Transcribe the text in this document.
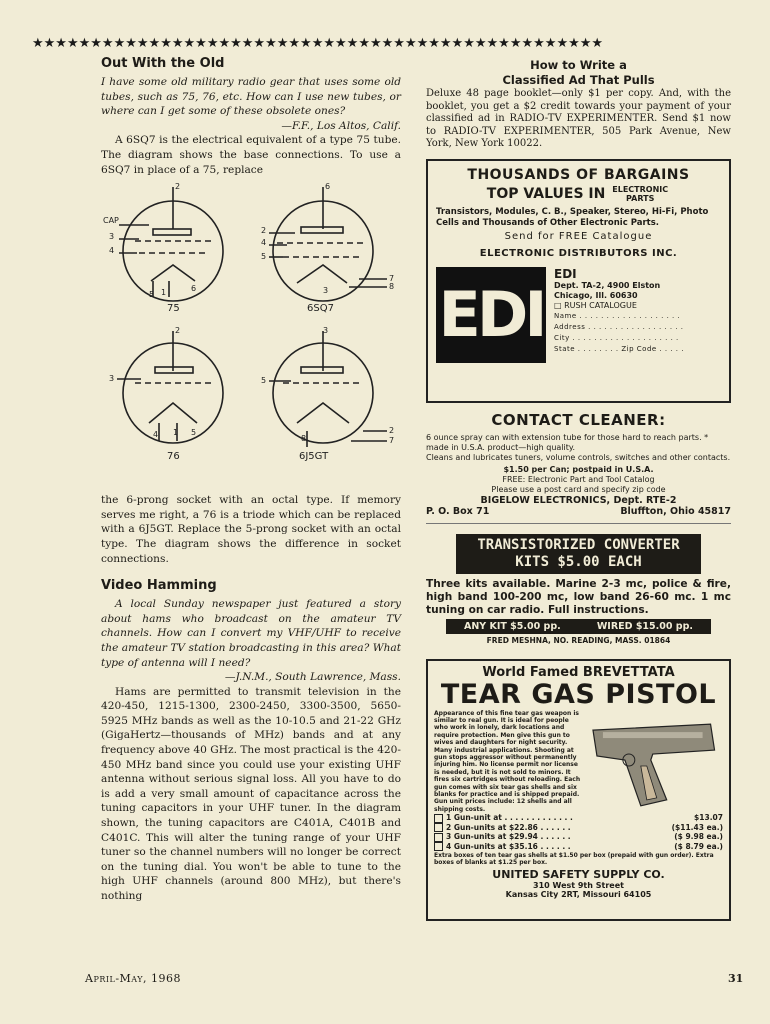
★★★★★★★★★★★★★★★★★★★★★★★★★★★★★★★★★★★★★★★★★★★★★★★★★
Out With the Old

I have some old military radio gear that uses some old tubes, such as 75, 76, etc. How can I use new tubes, or where can I get some of these obsolete ones?

—F.F., Los Altos, Calif.

A 6SQ7 is the electrical equivalent of a type 75 tube. The diagram shows the base connections. To use a 6SQ7 in place of a 75, replace

2	6
CAP
3
4
2
4
5
7
8
5 1	6	3
3
2
3	5
4 1 5
8
2
7
75	6SQ7
76	6J5GT

the 6-prong socket with an octal type. If memory serves me right, a 76 is a triode which can be replaced with a 6J5GT. Replace the 5-prong socket with an octal type. The diagram shows the difference in socket connections.

Video Hamming

A local Sunday newspaper just featured a story about hams who broadcast on the amateur TV channels. How can I convert my VHF/UHF to receive the amateur TV station broadcasting in this area? What type of antenna will I need?

—J.N.M., South Lawrence, Mass.

Hams are permitted to transmit television in the 420-450, 1215-1300, 2300-2450, 3300-3500, 5650-5925 MHz bands as well as the 10-10.5 and 21-22 GHz (GigaHertz—thousands of MHz) bands and at any frequency above 40 GHz. The most practical is the 420-450 MHz band since you could use your existing UHF antenna without serious signal loss. All you have to do is add a very small amount of capacitance across the tuning capacitors in your UHF tuner. In the diagram shown, the tuning capacitors are C401A, C401B and C401C. This will alter the tuning range of your UHF tuner so the channel numbers will no longer be correct on the tuning dial. You won't be able to tune to the high UHF channels (around 800 MHz), but there's nothing

How to Write a
Classified Ad That Pulls

Deluxe 48 page booklet—only $1 per copy. And, with the booklet, you get a $2 credit towards your payment of your classified ad in RADIO-TV EXPERIMENTER. Send $1 now to RADIO-TV EXPERIMENTER, 505 Park Avenue, New York, New York 10022.

THOUSANDS OF BARGAINS
TOP VALUES IN ELECTRONIC PARTS
Transistors, Modules, C. B., Speaker, Stereo, Hi-Fi, Photo Cells and Thousands of Other Electronic Parts.
Send for FREE Catalogue
ELECTRONIC DISTRIBUTORS INC.
EDI
EDI
Dept. TA-2, 4900 Elston
Chicago, Ill. 60630
□ RUSH CATALOGUE
Name . . . . . . . . . . . . . . . . . . .
Address . . . . . . . . . . . . . . . . . .
City . . . . . . . . . . . . . . . . . . . .
State . . . . . . . . Zip Code . . . . .
CONTACT CLEANER:
6 ounce spray can with extension tube for those hard to reach parts. * made in U.S.A. product—high quality.
Cleans and lubricates tuners, volume controls, switches and other contacts.
$1.50 per Can; postpaid in U.S.A.
FREE: Electronic Part and Tool Catalog
Please use a post card and specify zip code
BIGELOW ELECTRONICS, Dept. RTE-2
P. O. Box 71	Bluffton, Ohio 45817
TRANSISTORIZED CONVERTER
KITS $5.00 EACH

Three kits available. Marine 2-3 mc, police & fire, high band 100-200 mc, low band 26-60 mc. 1 mc tuning on car radio. Full instructions.

ANY KIT $5.00 pp.	WIRED $15.00 pp.
FRED MESHNA, NO. READING, MASS. 01864
World Famed BREVETTATA
TEAR GAS PISTOL
Appearance of this fine tear gas weapon is similar to real gun. It is ideal for people who work in lonely, dark locations and require protection. Men give this gun to wives and daughters for night security. Many industrial applications. Shooting at gun stops aggressor without permanently injuring him. No license permit nor license is needed, but it is not sold to minors. It fires six cartridges without reloading. Each gun comes with six tear gas shells and six blanks for practice and is shipped prepaid. Gun unit prices include: 12 shells and all shipping costs.
1 Gun-unit at . . . . . . . . . . . . .	$13.07
2 Gun-units at $22.86 . . . . . .	($11.43 ea.)
3 Gun-units at $29.94 . . . . . .	($ 9.98 ea.)
4 Gun-units at $35.16 . . . . . .	($ 8.79 ea.)
Extra boxes of ten tear gas shells at $1.50 per box (prepaid with gun order). Extra boxes of blanks at $1.25 per box.
UNITED SAFETY SUPPLY CO.
310 West 9th Street
Kansas City 2RT, Missouri 64105
April-May, 1968	31
